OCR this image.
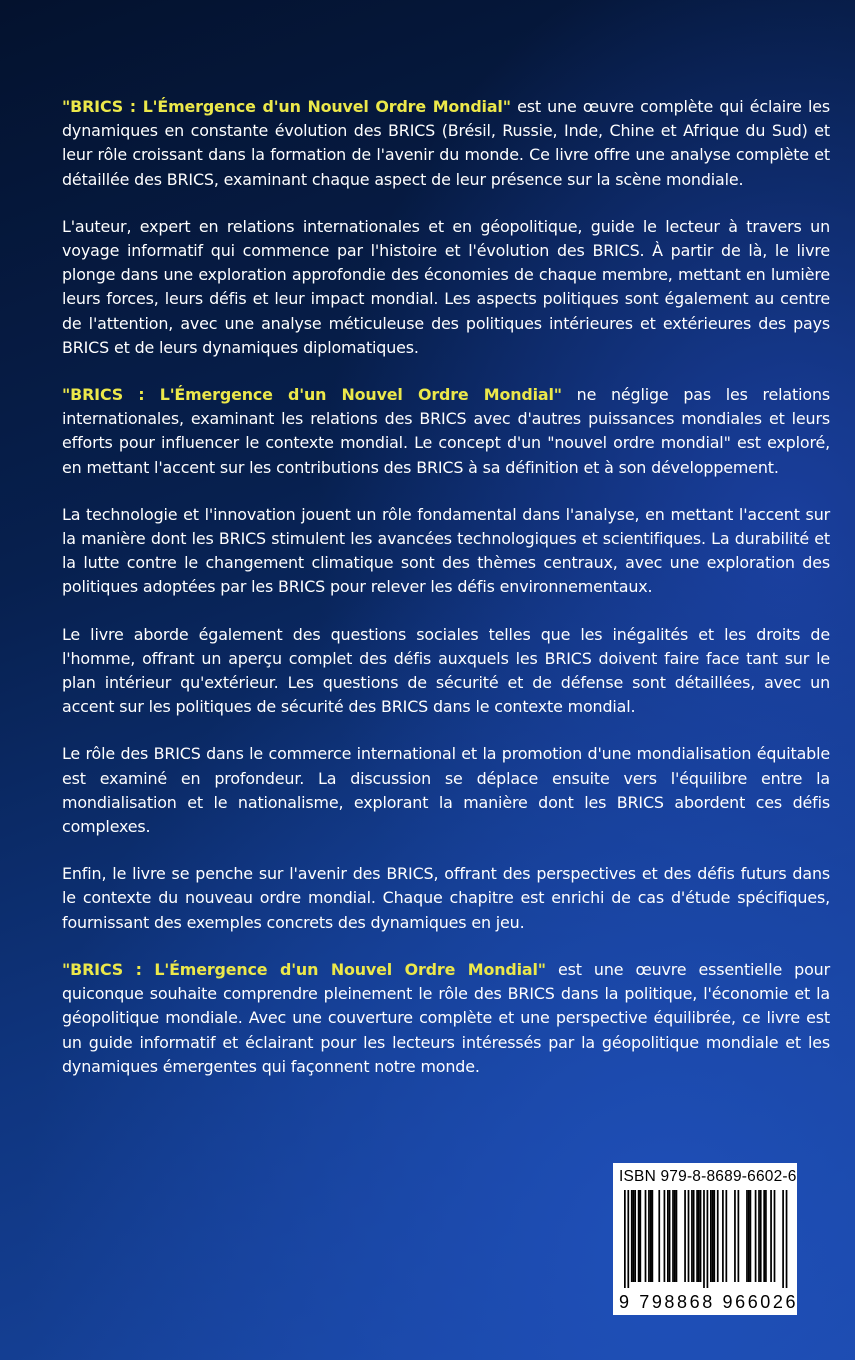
"BRICS : L'Émergence d'un Nouvel Ordre Mondial" est une œuvre complète qui éclaire les dynamiques en constante évolution des BRICS (Brésil, Russie, Inde, Chine et Afrique du Sud) et leur rôle croissant dans la formation de l'avenir du monde. Ce livre offre une analyse complète et détaillée des BRICS, examinant chaque aspect de leur présence sur la scène mondiale.

L'auteur, expert en relations internationales et en géopolitique, guide le lecteur à travers un voyage informatif qui commence par l'histoire et l'évolution des BRICS. À partir de là, le livre plonge dans une exploration approfondie des économies de chaque membre, mettant en lumière leurs forces, leurs défis et leur impact mondial. Les aspects politiques sont également au centre de l'attention, avec une analyse méticuleuse des politiques intérieures et extérieures des pays BRICS et de leurs dynamiques diplomatiques.

"BRICS : L'Émergence d'un Nouvel Ordre Mondial" ne néglige pas les relations internationales, examinant les relations des BRICS avec d'autres puissances mondiales et leurs efforts pour influencer le contexte mondial. Le concept d'un "nouvel ordre mondial" est exploré, en mettant l'accent sur les contributions des BRICS à sa définition et à son développement.

La technologie et l'innovation jouent un rôle fondamental dans l'analyse, en mettant l'accent sur la manière dont les BRICS stimulent les avancées technologiques et scientifiques. La durabilité et la lutte contre le changement climatique sont des thèmes centraux, avec une exploration des politiques adoptées par les BRICS pour relever les défis environnementaux.

Le livre aborde également des questions sociales telles que les inégalités et les droits de l'homme, offrant un aperçu complet des défis auxquels les BRICS doivent faire face tant sur le plan intérieur qu'extérieur. Les questions de sécurité et de défense sont détaillées, avec un accent sur les politiques de sécurité des BRICS dans le contexte mondial.

Le rôle des BRICS dans le commerce international et la promotion d'une mondialisation équitable est examiné en profondeur. La discussion se déplace ensuite vers l'équilibre entre la mondialisation et le nationalisme, explorant la manière dont les BRICS abordent ces défis complexes.

Enfin, le livre se penche sur l'avenir des BRICS, offrant des perspectives et des défis futurs dans le contexte du nouveau ordre mondial. Chaque chapitre est enrichi de cas d'étude spécifiques, fournissant des exemples concrets des dynamiques en jeu.

"BRICS : L'Émergence d'un Nouvel Ordre Mondial" est une œuvre essentielle pour quiconque souhaite comprendre pleinement le rôle des BRICS dans la politique, l'économie et la géopolitique mondiale. Avec une couverture complète et une perspective équilibrée, ce livre est un guide informatif et éclairant pour les lecteurs intéressés par la géopolitique mondiale et les dynamiques émergentes qui façonnent notre monde.

ISBN 979-8-8689-6602-6
9 798868 966026
